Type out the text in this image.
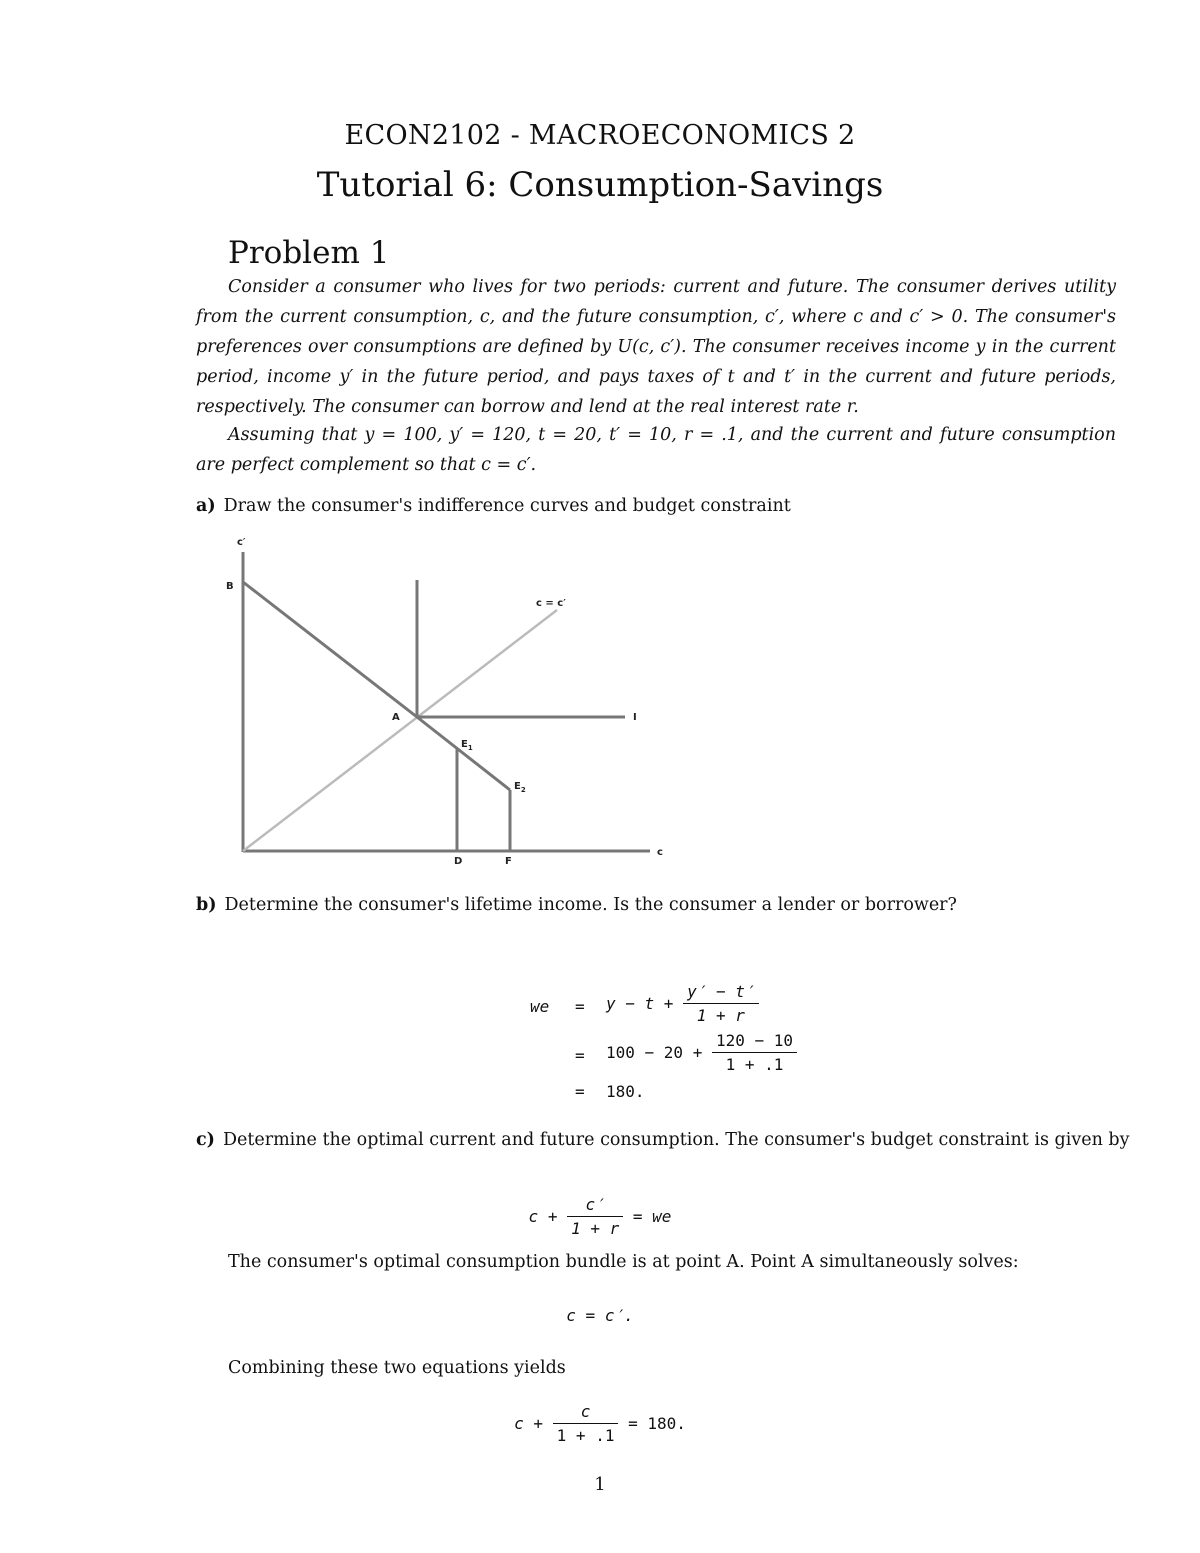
ECON2102 - MACROECONOMICS 2
Tutorial 6: Consumption-Savings
Problem 1
Consider a consumer who lives for two periods: current and future. The consumer derives utility from the current consumption, c, and the future consumption, c′, where c and c′ > 0. The consumer's preferences over consumptions are defined by U(c, c′). The consumer receives income y in the current period, income y′ in the future period, and pays taxes of t and t′ in the current and future periods, respectively. The consumer can borrow and lend at the real interest rate r.
Assuming that y = 100, y′ = 120, t = 20, t′ = 10, r = .1, and the current and future consumption are perfect complement so that c = c′.
a) Draw the consumer's indifference curves and budget constraint
c′
B
c = c′
A	I
$E_1$
$E_2$
D	F
c
b) Determine the consumer's lifetime income. Is the consumer a lender or borrower?
we = $y - t + \frac{y' - t'}{1 + r}$
= $100 - 20 + \frac{120 - 10}{1 + .1}$
= 180.
c) Determine the optimal current and future consumption. The consumer's budget constraint is given by
$c + \frac{c'}{1 + r}$ = we
The consumer's optimal consumption bundle is at point A. Point A simultaneously solves:
c = c′.
Combining these two equations yields
$c + \frac{c}{1 + .1} = 180$.
1
